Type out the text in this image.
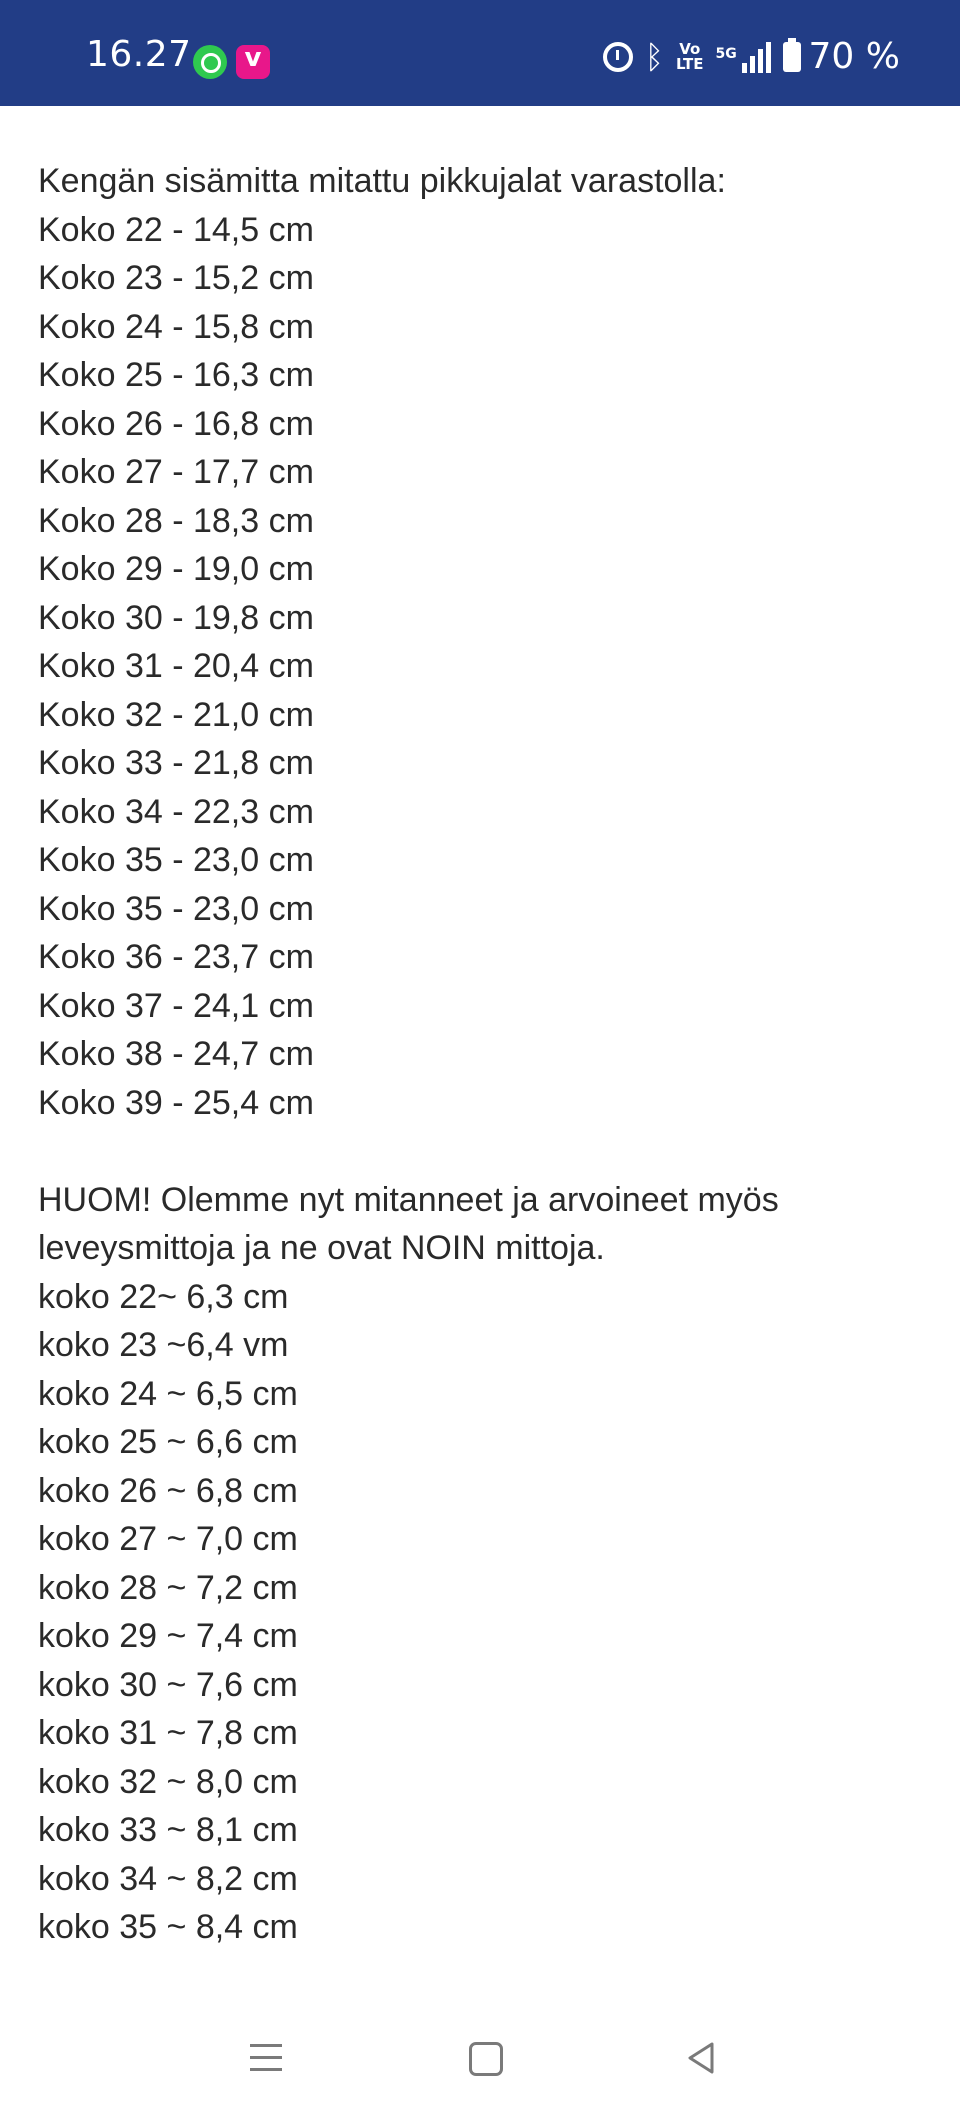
Kengän sisämitta mitattu pikkujalat varastolla:
Koko 22 - 14,5 cm
Koko 23 - 15,2 cm
Koko 24 - 15,8 cm
Koko 25 - 16,3 cm
Koko 26 - 16,8 cm
Koko 27 - 17,7 cm
Koko 28 - 18,3 cm
Koko 29 - 19,0 cm
Koko 30 - 19,8 cm
Koko 31 - 20,4 cm
Koko 32 - 21,0 cm
Koko 33 - 21,8 cm
Koko 34 - 22,3 cm
Koko 35 - 23,0 cm
Koko 35 - 23,0 cm
Koko 36 - 23,7 cm
Koko 37 - 24,1 cm
Koko 38 - 24,7 cm
Koko 39 - 25,4 cm
HUOM! Olemme nyt mitanneet ja arvoineet myös
leveysmittoja ja ne ovat NOIN mittoja.
koko 22~ 6,3 cm
koko 23 ~6,4 vm
koko 24 ~ 6,5 cm
koko 25 ~ 6,6 cm
koko 26 ~ 6,8 cm
koko 27 ~ 7,0 cm
koko 28 ~ 7,2 cm
koko 29 ~ 7,4 cm
koko 30 ~ 7,6 cm
koko 31 ~ 7,8 cm
koko 32 ~ 8,0 cm
koko 33 ~ 8,1 cm
koko 34 ~ 8,2 cm
koko 35 ~ 8,4 cm
16.27
v	ᛒ Vo
LTE
5G 70 %
